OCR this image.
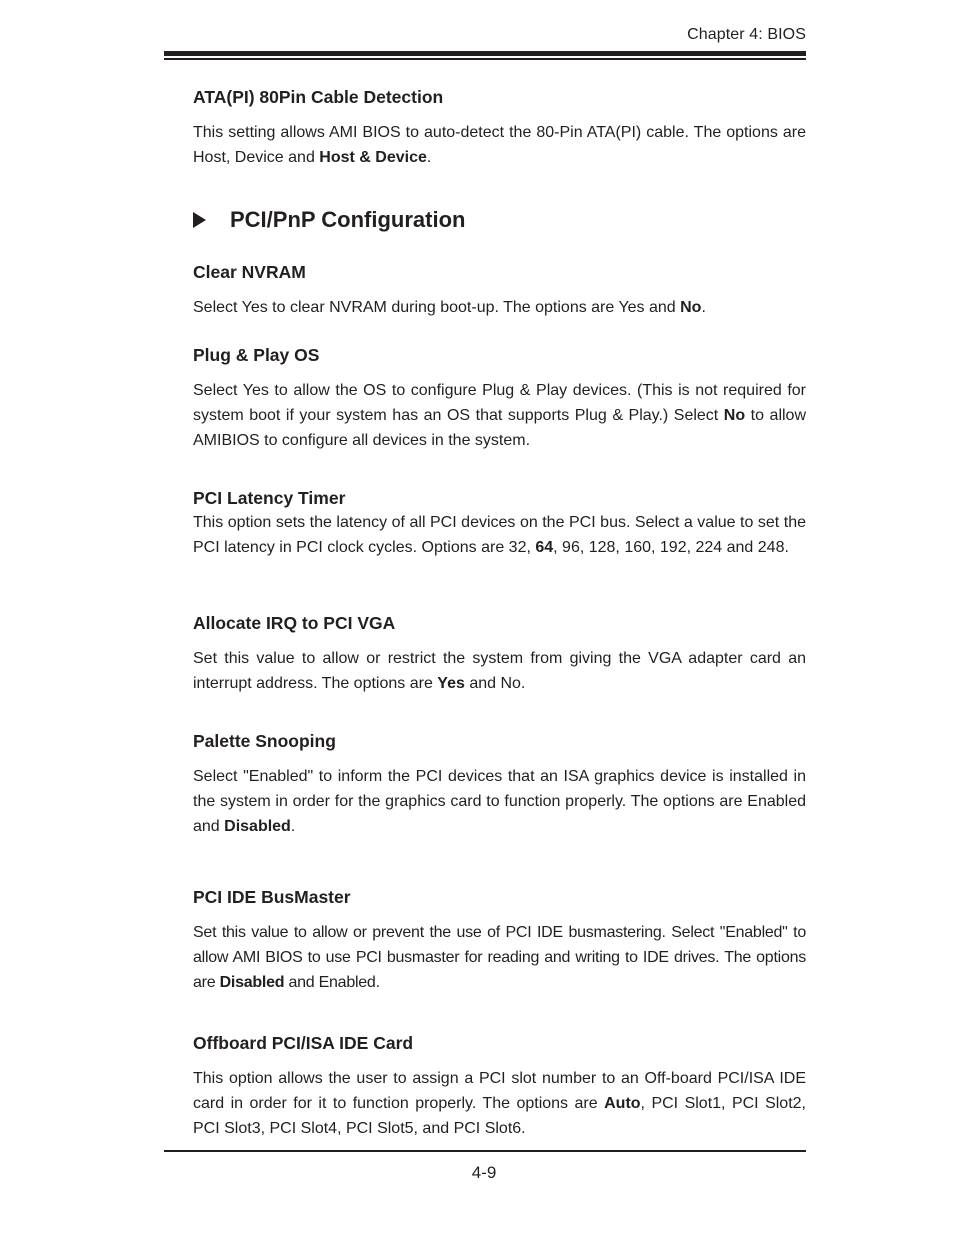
Chapter 4: BIOS
ATA(PI) 80Pin Cable Detection

This setting allows AMI BIOS to auto-detect the 80-Pin ATA(PI) cable. The options are Host, Device and Host & Device.

Clear NVRAM

Select Yes to clear NVRAM during boot-up. The options are Yes and No.

Plug & Play OS

Select Yes to allow the OS to configure Plug & Play devices. (This is not required for system boot if your system has an OS that supports Plug & Play.) Select No to allow AMIBIOS to configure all devices in the system.

PCI Latency Timer

This option sets the latency of all PCI devices on the PCI bus. Select a value to set the PCI latency in PCI clock cycles. Options are 32, 64, 96, 128, 160, 192, 224 and 248.

Allocate IRQ to PCI VGA

Set this value to allow or restrict the system from giving the VGA adapter card an interrupt address. The options are Yes and No.

Palette Snooping

Select "Enabled" to inform the PCI devices that an ISA graphics device is installed in the system in order for the graphics card to function properly. The options are Enabled and Disabled.

PCI IDE BusMaster

Set this value to allow or prevent the use of PCI IDE busmastering. Select "Enabled" to allow AMI BIOS to use PCI busmaster for reading and writing to IDE drives. The options are Disabled and Enabled.

Offboard PCI/ISA IDE Card

This option allows the user to assign a PCI slot number to an Off-board PCI/ISA IDE card in order for it to function properly. The options are Auto, PCI Slot1, PCI Slot2, PCI Slot3, PCI Slot4, PCI Slot5, and PCI Slot6.

PCI/PnP Configuration
4-9
